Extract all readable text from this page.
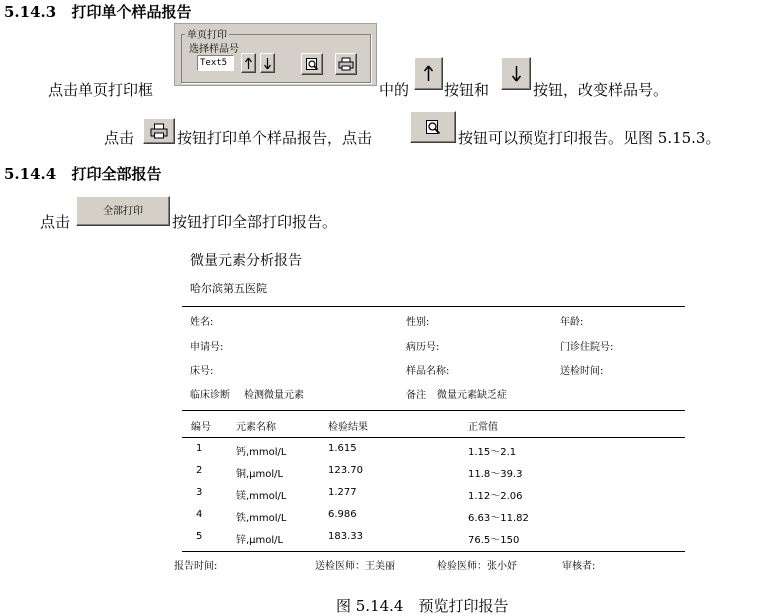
5.14.3 打印单个样品报告
单页打印
选择样品号
Text5
点击单页打印框	中的 按钮和	按钮，改变样品号。
点击	按钮打印单个样品报告，点击	按钮可以预览打印报告。见图 5.15.3。
5.14.4 打印全部报告
点击
全部打印
按钮打印全部打印报告。
微量元素分析报告
哈尔滨第五医院
姓名:	性别:	年龄:
申请号:	病历号:	门诊住院号:
床号:	样品名称:	送检时间:
临床诊断 检测微量元素	备注 微量元素缺乏症
编号	元素名称	检验结果	正常值
1	钙,mmol/L	1.615	1.15～2.1
2	铜,μmol/L	123.70	11.8～39.3
3	镁,mmol/L	1.277	1.12～2.06
4	铁,mmol/L	6.986	6.63～11.82
5	锌,μmol/L	183.33	76.5～150
报告时间:	送检医师：王美丽	检验医师：张小妤	审核者:
图 5.14.4　预览打印报告
